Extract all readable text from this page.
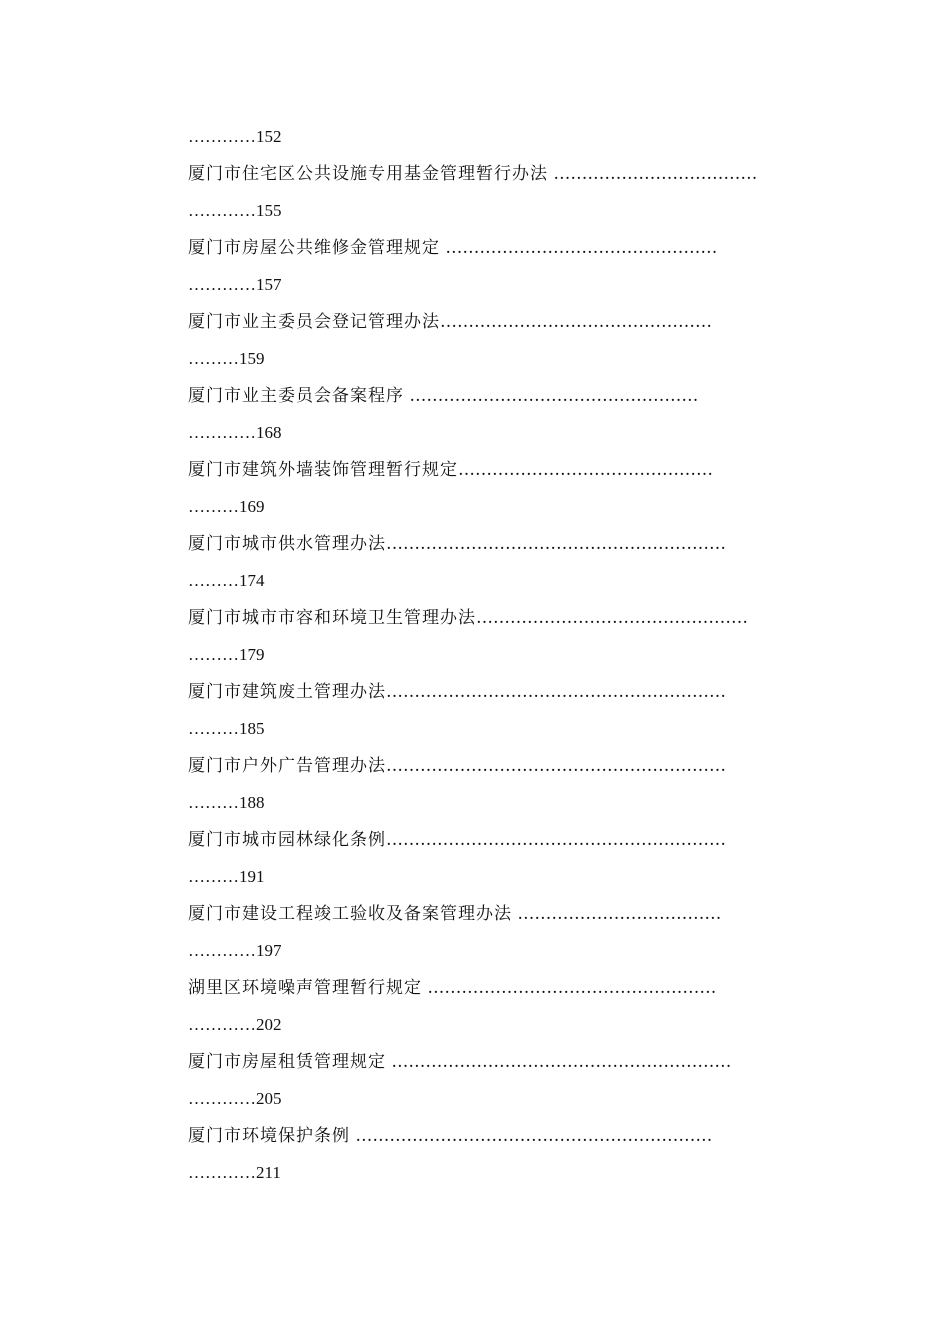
…………152
厦门市住宅区公共设施专用基金管理暂行办法 ………………………………
…………155
厦门市房屋公共维修金管理规定 …………………………………………
…………157
厦门市业主委员会登记管理办法…………………………………………
………159
厦门市业主委员会备案程序 ……………………………………………
…………168
厦门市建筑外墙装饰管理暂行规定………………………………………
………169
厦门市城市供水管理办法……………………………………………………
………174
厦门市城市市容和环境卫生管理办法…………………………………………
………179
厦门市建筑废土管理办法……………………………………………………
………185
厦门市户外广告管理办法……………………………………………………
………188
厦门市城市园林绿化条例……………………………………………………
………191
厦门市建设工程竣工验收及备案管理办法 ………………………………
…………197
湖里区环境噪声管理暂行规定 ……………………………………………
…………202
厦门市房屋租赁管理规定 ……………………………………………………
…………205
厦门市环境保护条例 ………………………………………………………
…………211
